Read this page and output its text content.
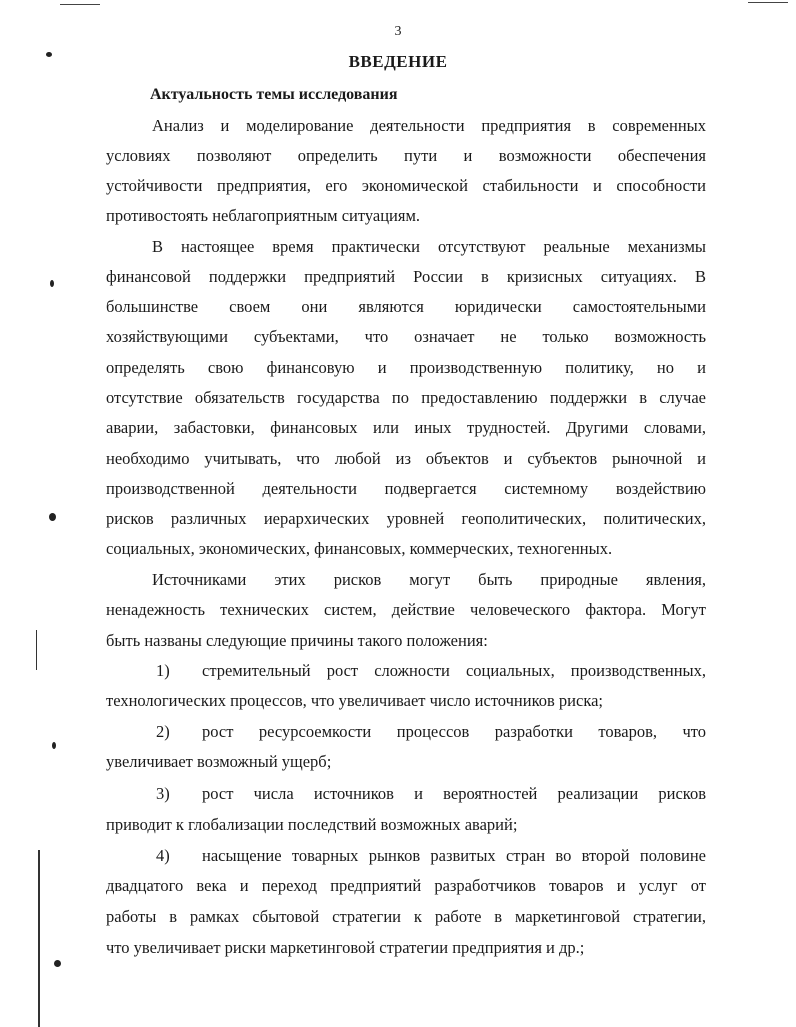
3
ВВЕДЕНИЕ
Актуальность темы исследования
Анализ и моделирование деятельности предприятия в современных
условиях позволяют определить пути и возможности обеспечения
устойчивости предприятия, его экономической стабильности и способности
противостоять неблагоприятным ситуациям.
В настоящее время практически отсутствуют реальные механизмы
финансовой поддержки предприятий России в кризисных ситуациях. В
большинстве своем они являются юридически самостоятельными
хозяйствующими субъектами, что означает не только возможность
определять свою финансовую и производственную политику, но и
отсутствие обязательств государства по предоставлению поддержки в случае
аварии, забастовки, финансовых или иных трудностей. Другими словами,
необходимо учитывать, что любой из объектов и субъектов рыночной и
производственной деятельности подвергается системному воздействию
рисков различных иерархических уровней геополитических, политических,
социальных, экономических, финансовых, коммерческих, техногенных.
Источниками этих рисков могут быть природные явления,
ненадежность технических систем, действие человеческого фактора. Могут
быть названы следующие причины такого положения:
1) стремительный рост сложности социальных, производственных,
технологических процессов, что увеличивает число источников риска;
2) рост ресурсоемкости процессов разработки товаров, что
увеличивает возможный ущерб;
3) рост числа источников и вероятностей реализации рисков
приводит к глобализации последствий возможных аварий;
4) насыщение товарных рынков развитых стран во второй половине
двадцатого века и переход предприятий разработчиков товаров и услуг от
работы в рамках сбытовой стратегии к работе в маркетинговой стратегии,
что увеличивает риски маркетинговой стратегии предприятия и др.;
